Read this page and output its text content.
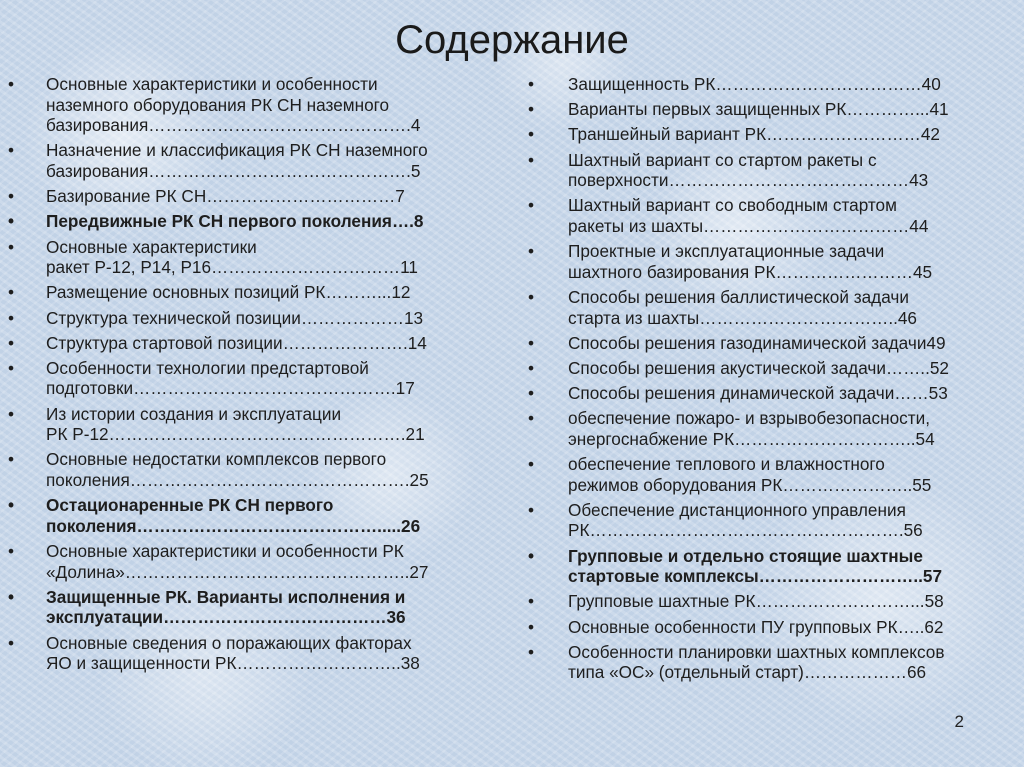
Содержание
•	Основные характеристики и особенности
наземного оборудования РК СН наземного
базирования……………………………………….4
•	Назначение и классификация РК СН наземного
базирования……………………………………….5
•	Базирование РК СН……………………………7
•	Передвижные РК СН первого поколения….8
•	Основные характеристики
ракет Р-12, Р14, Р16……………………………11
•	Размещение основных позиций РК………...12
•	Структура технической позиции………………13
•	Структура стартовой позиции………………….14
•	Особенности технологии предстартовой
подготовки……………………………………….17
•	Из истории создания и эксплуатации
РК Р-12…………………………………………….21
•	Основные недостатки комплексов первого
поколения………………………………………….25
•	Остационаренные РК СН первого
поколения…………………………………….....26
•	Основные характеристики и особенности РК
«Долина»…………………………………………..27
•	Защищенные РК. Варианты исполнения и
эксплуатации…………………………………36
•	Основные сведения о поражающих факторах
ЯО и защищенности РК………………………..38
•	Защищенность РК………………………………40
•	Варианты первых защищенных РК…………...41
•	Траншейный вариант РК………………………42
•	Шахтный вариант со стартом ракеты с
поверхности……………………………………43
•	Шахтный вариант со свободным стартом
ракеты из шахты………………………………44
•	Проектные и эксплуатационные задачи
шахтного базирования РК……………………45
•	Способы решения баллистической задачи
старта из шахты……………………………..46
•	Способы решения газодинамической задачи49
•	Способы решения акустической задачи……..52
•	Способы решения динамической задачи……53
•	обеспечение пожаро- и взрывобезопасности,
энергоснабжение РК…………………………..54
•	обеспечение теплового и влажностного
режимов оборудования РК…………………..55
•	Обеспечение дистанционного управления
РК……………………………………………….56
•	Групповые и отдельно стоящие шахтные
стартовые комплексы………………………..57
•	Групповые шахтные РК………………………...58
•	Основные особенности ПУ групповых РК…..62
•	Особенности планировки шахтных комплексов
типа «ОС» (отдельный старт)………………66
2
